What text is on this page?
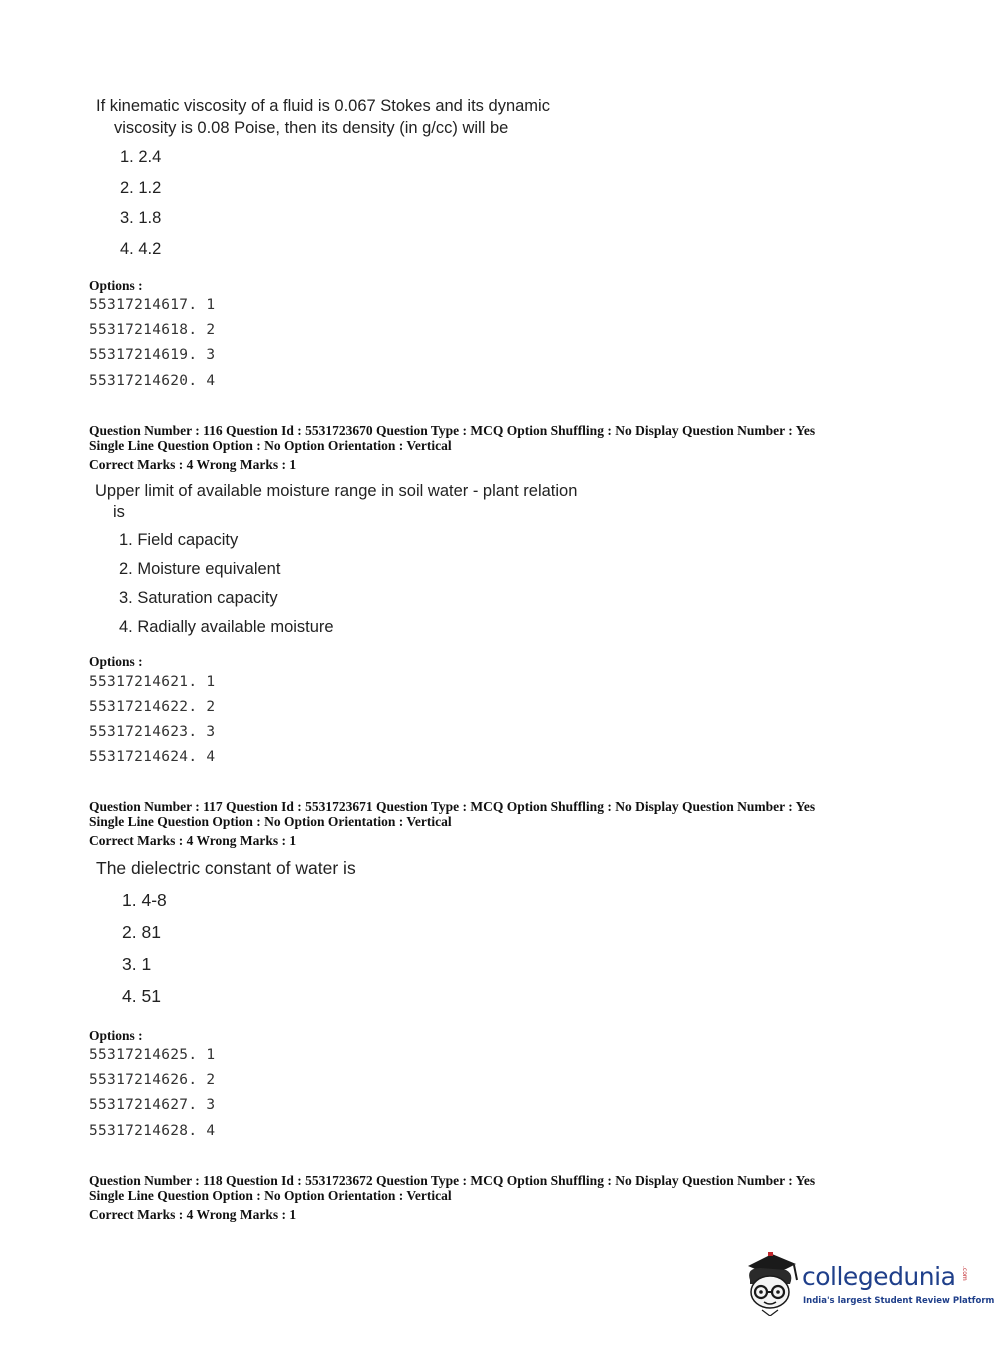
If kinematic viscosity of a fluid is 0.067 Stokes and its dynamic
viscosity is 0.08 Poise, then its density (in g/cc) will be
1. 2.4
2. 1.2
3. 1.8
4. 4.2
Options :
55317214617. 1
55317214618. 2
55317214619. 3
55317214620. 4
Question Number : 116 Question Id : 5531723670 Question Type : MCQ Option Shuffling : No Display Question Number : Yes
Single Line Question Option : No Option Orientation : Vertical
Correct Marks : 4 Wrong Marks : 1
Upper limit of available moisture range in soil water - plant relation
is
1. Field capacity
2. Moisture equivalent
3. Saturation capacity
4. Radially available moisture
Options :
55317214621. 1
55317214622. 2
55317214623. 3
55317214624. 4
Question Number : 117 Question Id : 5531723671 Question Type : MCQ Option Shuffling : No Display Question Number : Yes
Single Line Question Option : No Option Orientation : Vertical
Correct Marks : 4 Wrong Marks : 1
The dielectric constant of water is
1. 4-8
2. 81
3. 1
4. 51
Options :
55317214625. 1
55317214626. 2
55317214627. 3
55317214628. 4
Question Number : 118 Question Id : 5531723672 Question Type : MCQ Option Shuffling : No Display Question Number : Yes
Single Line Question Option : No Option Orientation : Vertical
Correct Marks : 4 Wrong Marks : 1
collegedunia .com
India's largest Student Review Platform
